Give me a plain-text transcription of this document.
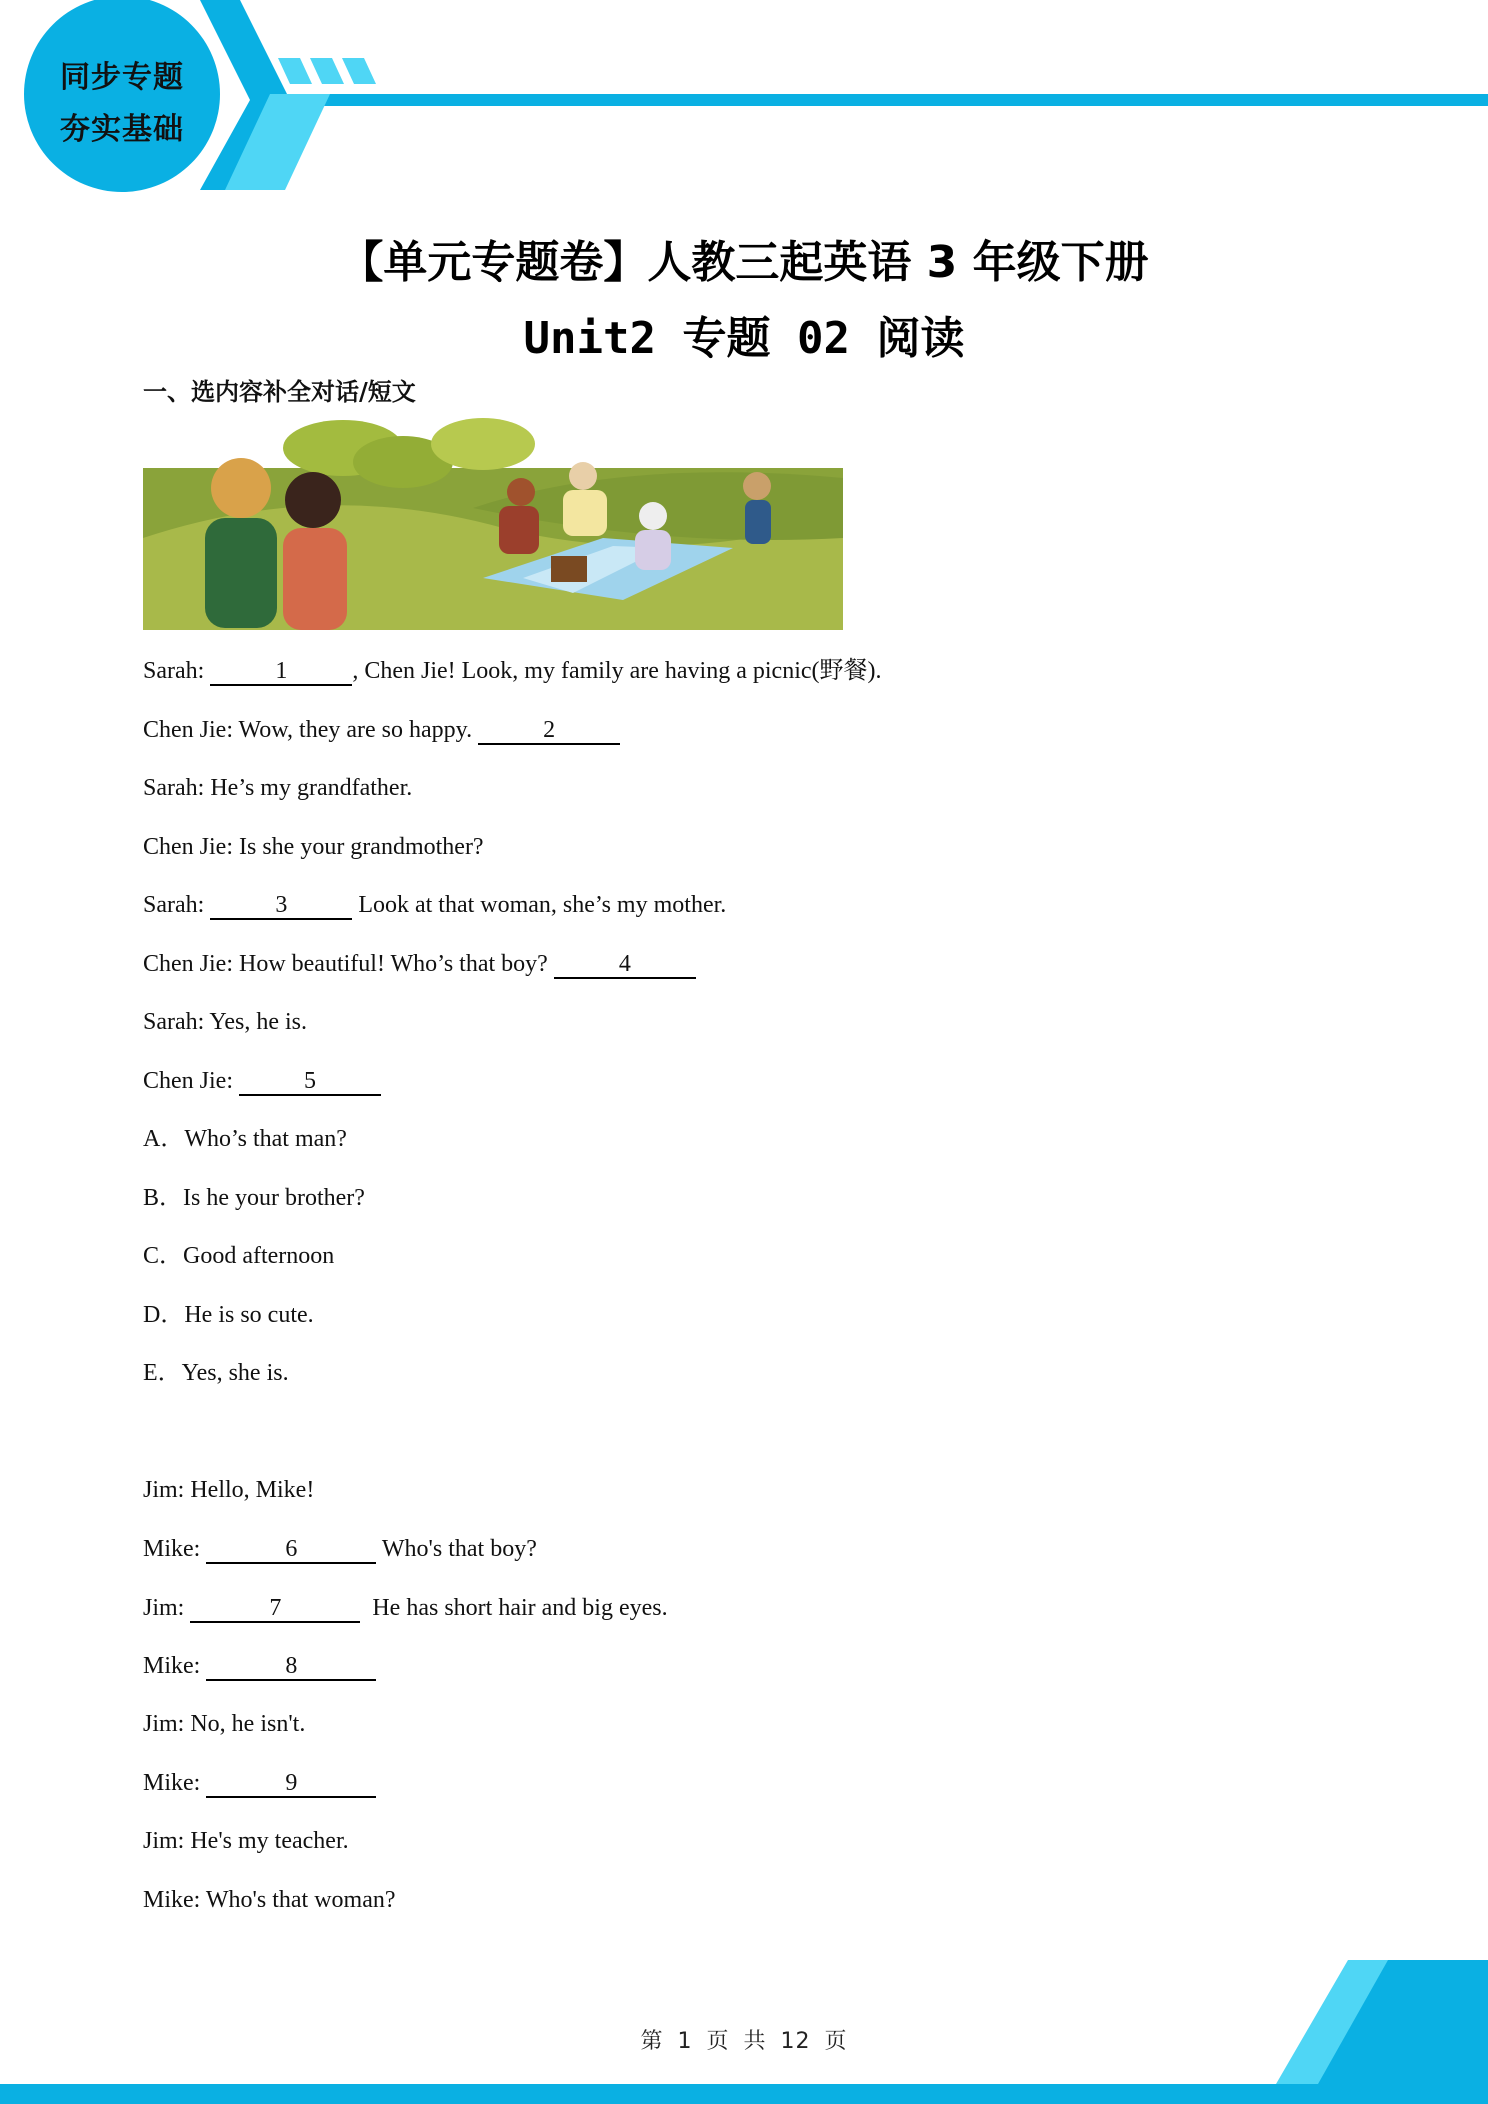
同步专题
夯实基础
【单元专题卷】人教三起英语 3 年级下册
Unit2 专题 02 阅读
一、选内容补全对话/短文
Sarah:	1	, Chen Jie! Look, my family are having a picnic(野餐).
Chen Jie: Wow, they are so happy.	2
Sarah: He’s my grandfather.
Chen Jie: Is she your grandmother?
Sarah:	3	Look at that woman, she’s my mother.
Chen Jie: How beautiful! Who’s that boy?	4
Sarah: Yes, he is.
Chen Jie:	5
A．Who’s that man?
B．Is he your brother?
C．Good afternoon
D．He is so cute.
E．Yes, she is.
Jim: Hello, Mike!
Mike:	6	Who's that boy?
Jim:	7	He has short hair and big eyes.
Mike:	8
Jim: No, he isn't.
Mike:	9
Jim: He's my teacher.
Mike: Who's that woman?
第 1 页 共 12 页
